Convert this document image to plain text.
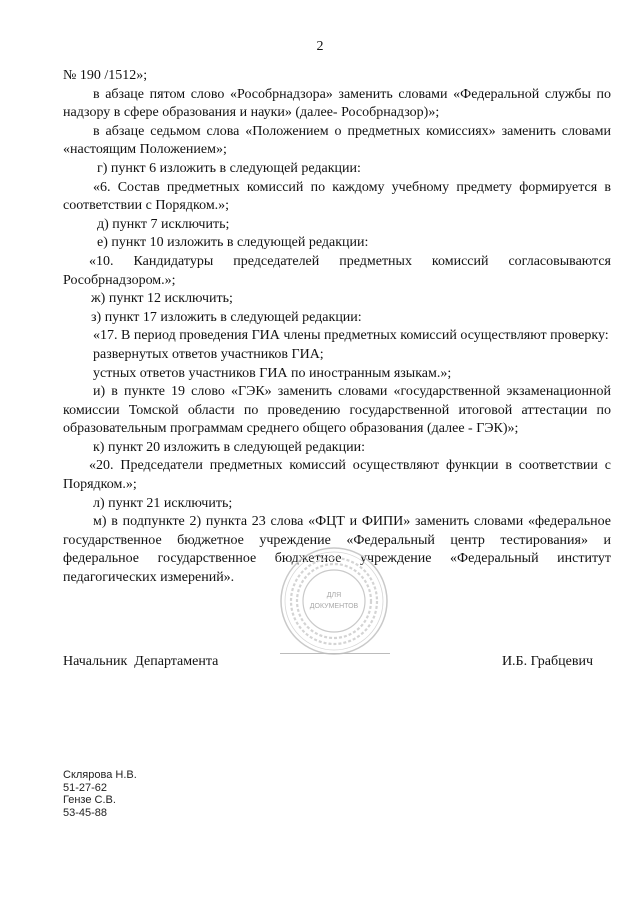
2

№ 190 /1512»;

в абзаце пятом слово «Рособрнадзора» заменить словами «Федеральной службы по надзору в сфере образования и науки» (далее- Рособрнадзор)»;

в абзаце седьмом слова «Положением о предметных комиссиях» заменить словами «настоящим Положением»;

г) пункт 6 изложить в следующей редакции:

«6. Состав предметных комиссий по каждому учебному предмету формируется в соответствии с Порядком.»;

д) пункт 7 исключить;

е) пункт 10 изложить в следующей редакции:

«10. Кандидатуры председателей предметных комиссий согласовываются Рособрнадзором.»;

ж) пункт 12 исключить;

з) пункт 17 изложить в следующей редакции:

«17. В период проведения ГИА члены предметных комиссий осуществляют проверку:

развернутых ответов участников ГИА;

устных ответов участников ГИА по иностранным языкам.»;

и) в пункте 19 слово «ГЭК» заменить словами «государственной экзаменационной комиссии Томской области по проведению государственной итоговой аттестации по образовательным программам среднего общего образования (далее - ГЭК)»;

к) пункт 20 изложить в следующей редакции:

«20. Председатели предметных комиссий осуществляют функции в соответствии с Порядком.»;

л) пункт 21 исключить;

м) в подпункте 2) пункта 23 слова «ФЦТ и ФИПИ» заменить словами «федеральное государственное бюджетное учреждение «Федеральный центр тестирования» и федеральное государственное бюджетное учреждение «Федеральный институт педагогических измерений».

ДЛЯ
ДОКУМЕНТОВ
Начальник  Департамента	И.Б. Грабцевич
Склярова Н.В.
51-27-62
Гензе С.В.
53-45-88
